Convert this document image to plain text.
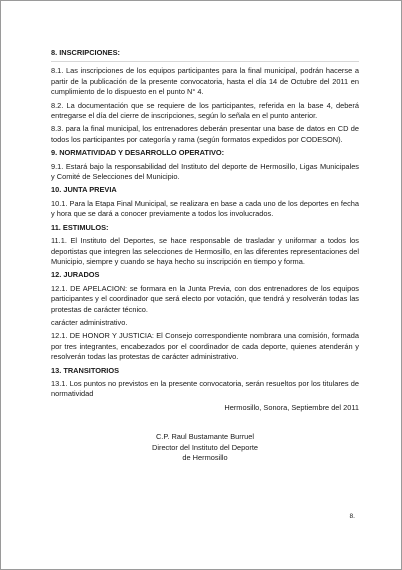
8. INSCRIPCIONES:

8.1. Las inscripciones de los equipos participantes para la final municipal, podrán hacerse a partir de la publicación de la presente convocatoria, hasta el día 14 de Octubre del 2011 en cumplimiento de lo dispuesto en el punto N° 4.

8.2. La documentación que se requiere de los participantes, referida en la base 4, deberá entregarse el día del cierre de inscripciones, según lo señala en el punto anterior.

8.3. para la final municipal, los entrenadores deberán presentar una base de datos en CD de todos los participantes por categoría y rama (según formatos expedidos por CODESON).

9. NORMATIVIDAD Y DESARROLLO OPERATIVO:

9.1. Estará bajo la responsabilidad del Instituto del deporte de Hermosillo, Ligas Municipales y Comité de Selecciones del Municipio.

10. JUNTA PREVIA

10.1. Para la Etapa Final Municipal, se realizara en base a cada uno de los deportes en fecha y hora que se dará a conocer previamente a todos los involucrados.

11. ESTIMULOS:

11.1. El Instituto del Deportes, se hace responsable de trasladar y uniformar a todos los deportistas que integren las selecciones de Hermosillo, en las diferentes representaciones del Municipio, siempre y cuando se haya hecho su inscripción en tiempo y forma.

12. JURADOS

12.1. DE APELACION: se formara en la Junta Previa, con dos entrenadores de los equipos participantes y el coordinador que será electo por votación, que tendrá y resolverán todas las protestas de carácter técnico.

carácter administrativo.

12.1. DE HONOR Y JUSTICIA: El Consejo correspondiente nombrara una comisión, formada por tres integrantes, encabezados por el coordinador de cada deporte, quienes atenderán y resolverán todas las protestas de carácter administrativo.

13. TRANSITORIOS

13.1. Los puntos no previstos en la presente convocatoria, serán resueltos por los titulares de normatividad

Hermosillo, Sonora, Septiembre del 2011
C.P. Raul Bustamante Burruel
Director del Instituto del Deporte
de Hermosillo
8.
